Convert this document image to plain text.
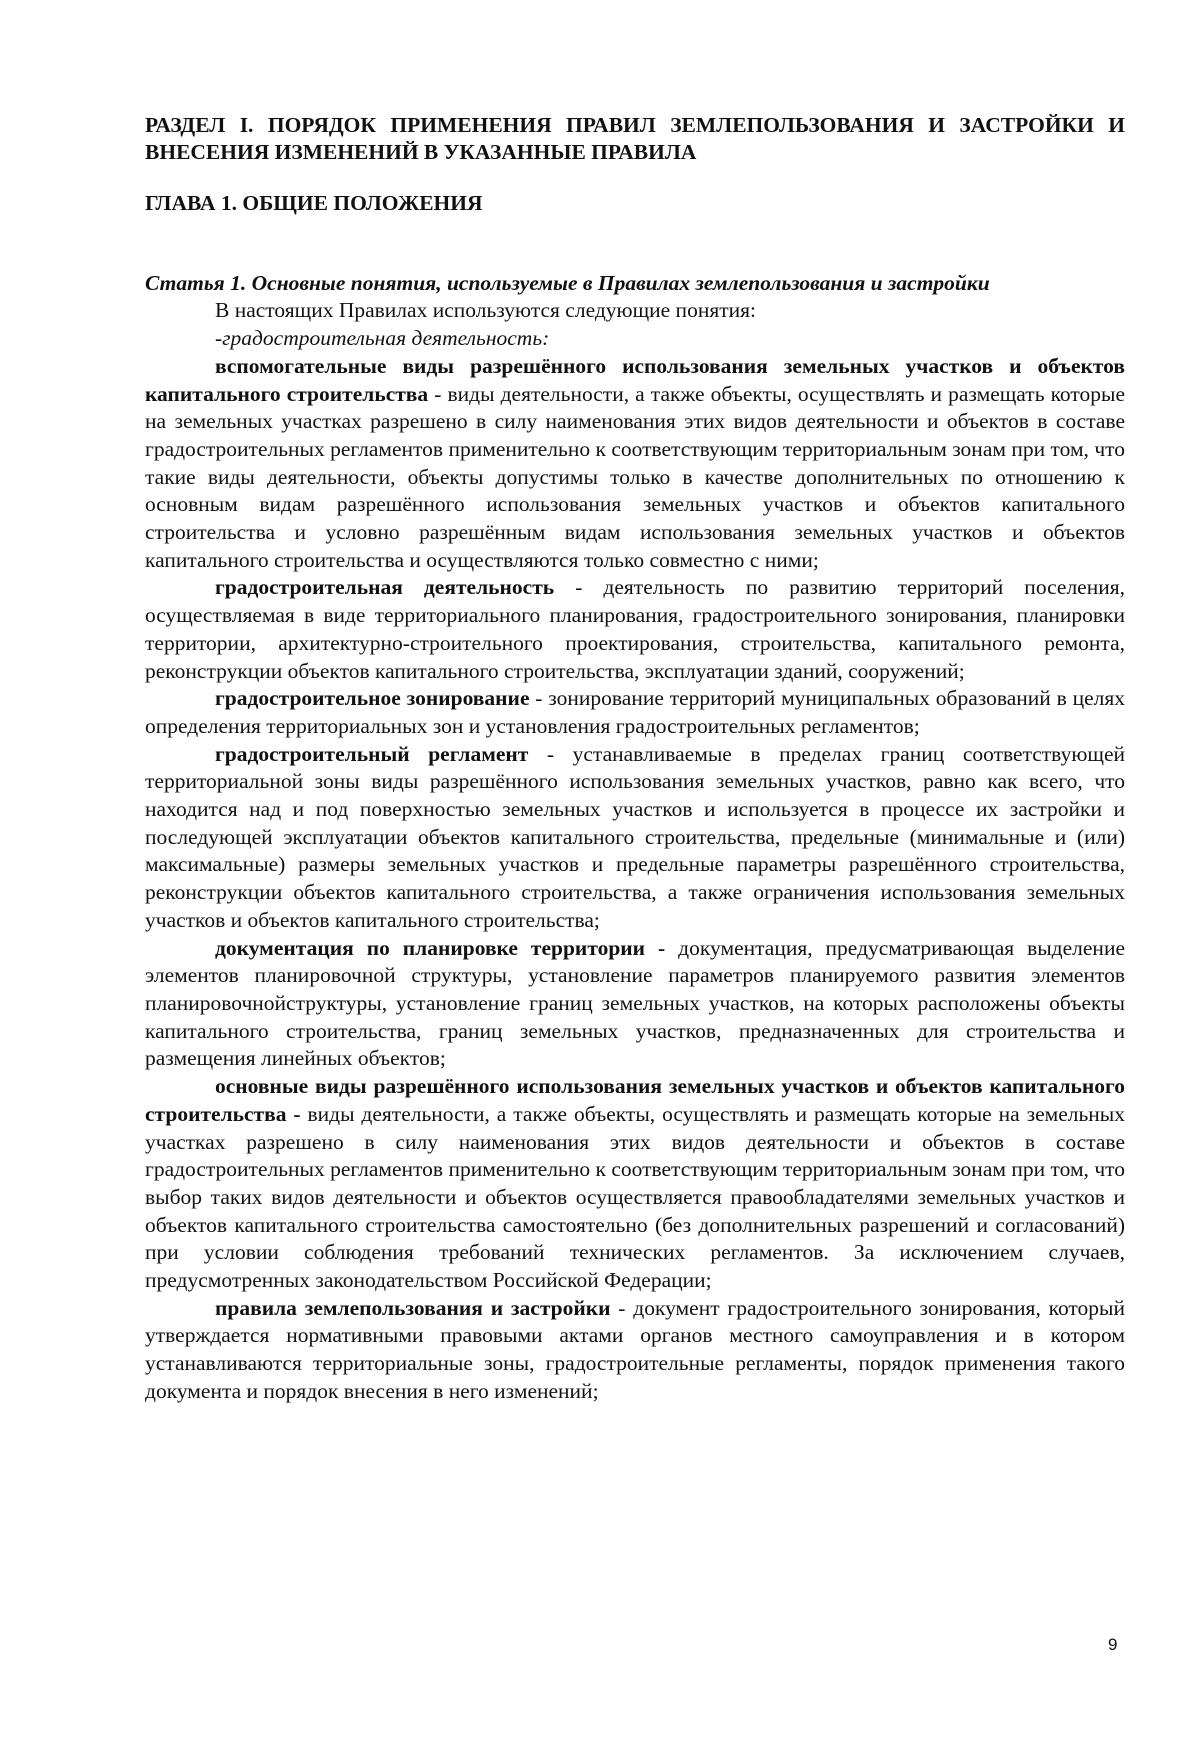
РАЗДЕЛ I. ПОРЯДОК ПРИМЕНЕНИЯ ПРАВИЛ ЗЕМЛЕПОЛЬЗОВАНИЯ И ЗАСТРОЙКИ И ВНЕСЕНИЯ ИЗМЕНЕНИЙ В УКАЗАННЫЕ ПРАВИЛА

ГЛАВА 1. ОБЩИЕ ПОЛОЖЕНИЯ

Статья 1. Основные понятия, используемые в Правилах землепользования и застройки

В настоящих Правилах используются следующие понятия:

-градостроительная деятельность:

вспомогательные виды разрешённого использования земельных участков и объектов капитального строительства - виды деятельности, а также объекты, осуществлять и размещать которые на земельных участках разрешено в силу наименования этих видов деятельности и объектов в составе градостроительных регламентов применительно к соответствующим территориальным зонам при том, что такие виды деятельности, объекты допустимы только в качестве дополнительных по отношению к основным видам разрешённого использования земельных участков и объектов капитального строительства и условно разрешённым видам использования земельных участков и объектов капитального строительства и осуществляются только совместно с ними;

градостроительная деятельность - деятельность по развитию территорий поселения, осуществляемая в виде территориального планирования, градостроительного зонирования, планировки территории, архитектурно-строительного проектирования, строительства, капитального ремонта, реконструкции объектов капитального строительства, эксплуатации зданий, сооружений;

градостроительное зонирование - зонирование территорий муниципальных образований в целях определения территориальных зон и установления градостроительных регламентов;

градостроительный регламент - устанавливаемые в пределах границ соответствующей территориальной зоны виды разрешённого использования земельных участков, равно как всего, что находится над и под поверхностью земельных участков и используется в процессе их застройки и последующей эксплуатации объектов капитального строительства, предельные (минимальные и (или) максимальные) размеры земельных участков и предельные параметры разрешённого строительства, реконструкции объектов капитального строительства, а также ограничения использования земельных участков и объектов капитального строительства;

документация по планировке территории - документация, предусматривающая выделение элементов планировочной структуры, установление параметров планируемого развития элементов планировочнойструктуры, установление границ земельных участков, на которых расположены объекты капитального строительства, границ земельных участков, предназначенных для строительства и размещения линейных объектов;

основные виды разрешённого использования земельных участков и объектов капитального строительства - виды деятельности, а также объекты, осуществлять и размещать которые на земельных участках разрешено в силу наименования этих видов деятельности и объектов в составе градостроительных регламентов применительно к соответствующим территориальным зонам при том, что выбор таких видов деятельности и объектов осуществляется правообладателями земельных участков и объектов капитального строительства самостоятельно (без дополнительных разрешений и согласований) при условии соблюдения требований технических регламентов. За исключением случаев, предусмотренных законодательством Российской Федерации;

правила землепользования и застройки - документ градостроительного зонирования, который утверждается нормативными правовыми актами органов местного самоуправления и в котором устанавливаются территориальные зоны, градостроительные регламенты, порядок применения такого документа и порядок внесения в него изменений;

9
